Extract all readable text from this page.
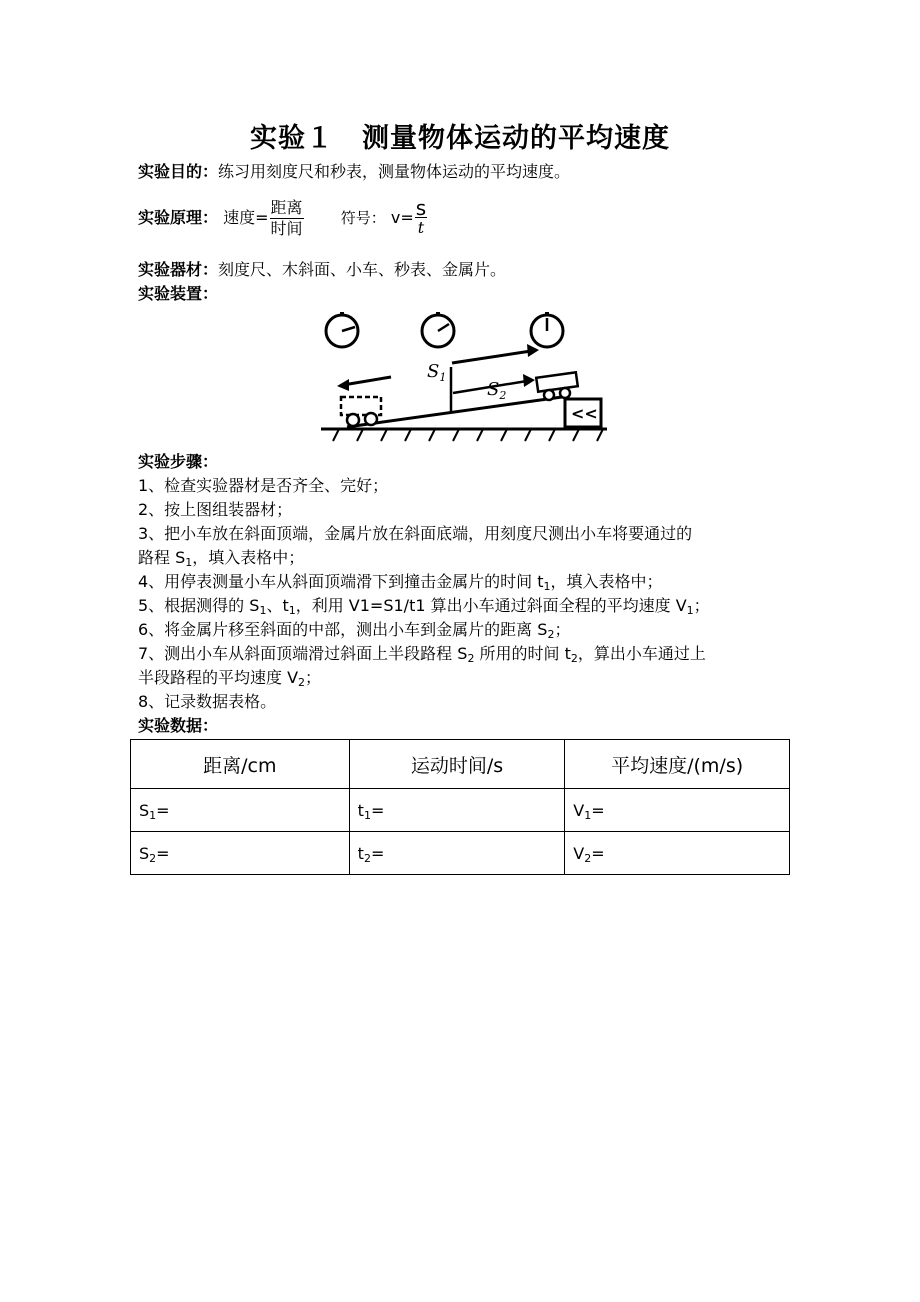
实验１　测量物体运动的平均速度
实验目的：练习用刻度尺和秒表，测量物体运动的平均速度。
实验原理： 速度= $\frac{\text{距离}}{\text{时间}}$ 符号： $v= \frac{s}{t}$
实验器材：刻度尺、木斜面、小车、秒表、金属片。
实验装置：
<<
$S_1$
$S_2$
实验步骤：
1、检查实验器材是否齐全、完好；
2、按上图组装器材；
3、把小车放在斜面顶端，金属片放在斜面底端，用刻度尺测出小车将要通过的
路程 $S_1$，填入表格中；
4、用停表测量小车从斜面顶端滑下到撞击金属片的时间 $t_1$，填入表格中；
5、根据测得的 $S_1$、$t_1$，利用 V1=S1/t1 算出小车通过斜面全程的平均速度 $V_1$；
6、将金属片移至斜面的中部，测出小车到金属片的距离 $S_2$；
7、测出小车从斜面顶端滑过斜面上半段路程 $S_2$ 所用的时间 $t_2$，算出小车通过上
半段路程的平均速度 $V_2$；
8、记录数据表格。
实验数据：
距离/cm	运动时间/s	平均速度/(m/s)
$S_1=$	$t_1=$	$V_1=$
$S_2=$	$t_2=$	$V_2=$
